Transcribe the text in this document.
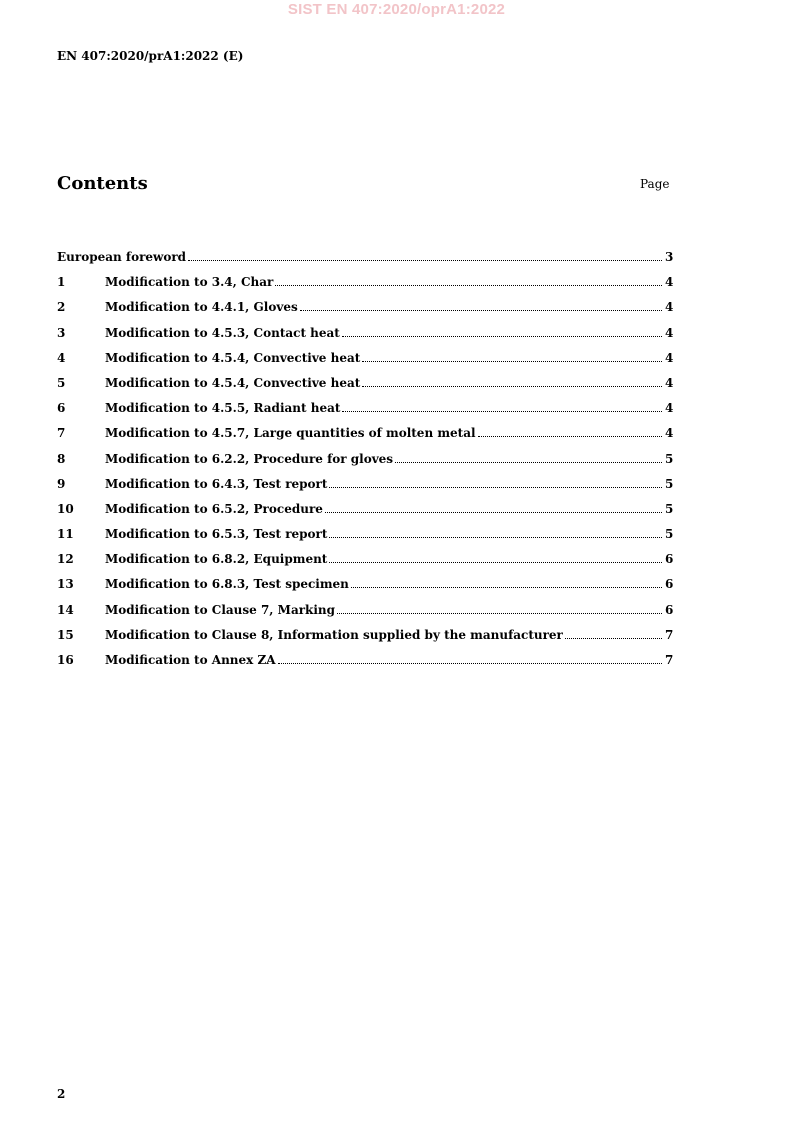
SIST EN 407:2020/oprA1:2022
EN 407:2020/prA1:2022 (E)
Contents	Page
European foreword	3
1	Modification to 3.4, Char	4
2	Modification to 4.4.1, Gloves	4
3	Modification to 4.5.3, Contact heat	4
4	Modification to 4.5.4, Convective heat	4
5	Modification to 4.5.4, Convective heat	4
6	Modification to 4.5.5, Radiant heat	4
7	Modification to 4.5.7, Large quantities of molten metal	4
8	Modification to 6.2.2, Procedure for gloves	5
9	Modification to 6.4.3, Test report	5
10	Modification to 6.5.2, Procedure	5
11	Modification to 6.5.3, Test report	5
12	Modification to 6.8.2, Equipment	6
13	Modification to 6.8.3, Test specimen	6
14	Modification to Clause 7, Marking	6
15	Modification to Clause 8, Information supplied by the manufacturer	7
16	Modification to Annex ZA	7
2
